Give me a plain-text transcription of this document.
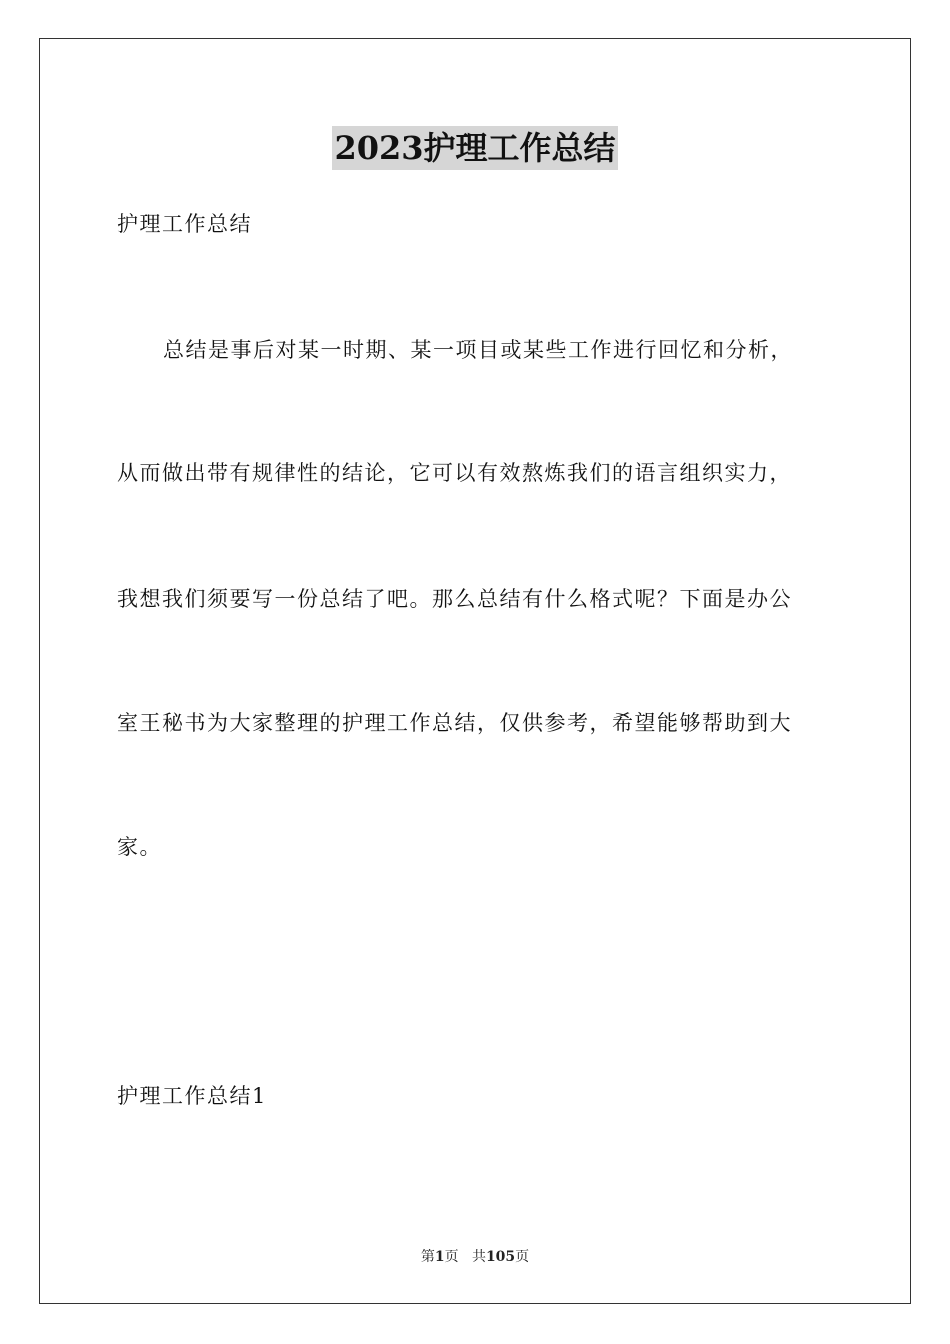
2023护理工作总结

护理工作总结

总结是事后对某一时期、某一项目或某些工作进行回忆和分析，

从而做出带有规律性的结论，它可以有效熬炼我们的语言组织实力，

我想我们须要写一份总结了吧。那么总结有什么格式呢？下面是办公

室王秘书为大家整理的护理工作总结，仅供参考，希望能够帮助到大

家。

护理工作总结1

第1页 共105页
